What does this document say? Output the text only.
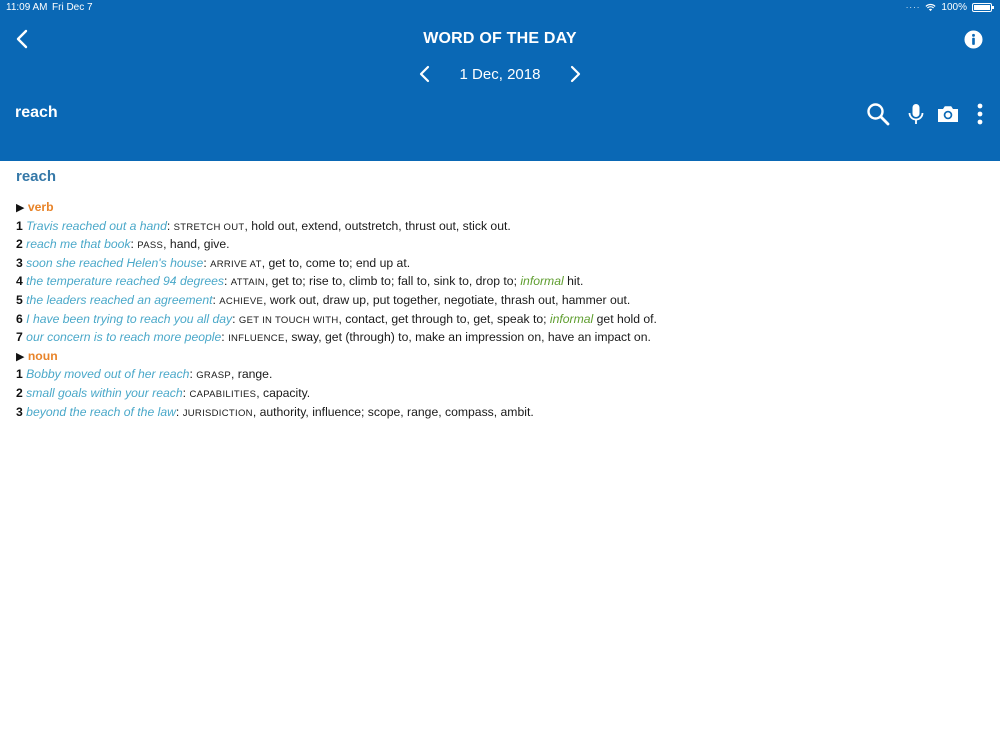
11:09 AM Fri Dec 7	···· 100%
WORD OF THE DAY
1 Dec, 2018
reach
reach
▶ verb
1 Travis reached out a hand: STRETCH OUT, hold out, extend, outstretch, thrust out, stick out.
2 reach me that book: PASS, hand, give.
3 soon she reached Helen's house: ARRIVE AT, get to, come to; end up at.
4 the temperature reached 94 degrees: ATTAIN, get to; rise to, climb to; fall to, sink to, drop to; informal hit.
5 the leaders reached an agreement: ACHIEVE, work out, draw up, put together, negotiate, thrash out, hammer out.
6 I have been trying to reach you all day: GET IN TOUCH WITH, contact, get through to, get, speak to; informal get hold of.
7 our concern is to reach more people: INFLUENCE, sway, get (through) to, make an impression on, have an impact on.
▶ noun
1 Bobby moved out of her reach: GRASP, range.
2 small goals within your reach: CAPABILITIES, capacity.
3 beyond the reach of the law: JURISDICTION, authority, influence; scope, range, compass, ambit.
